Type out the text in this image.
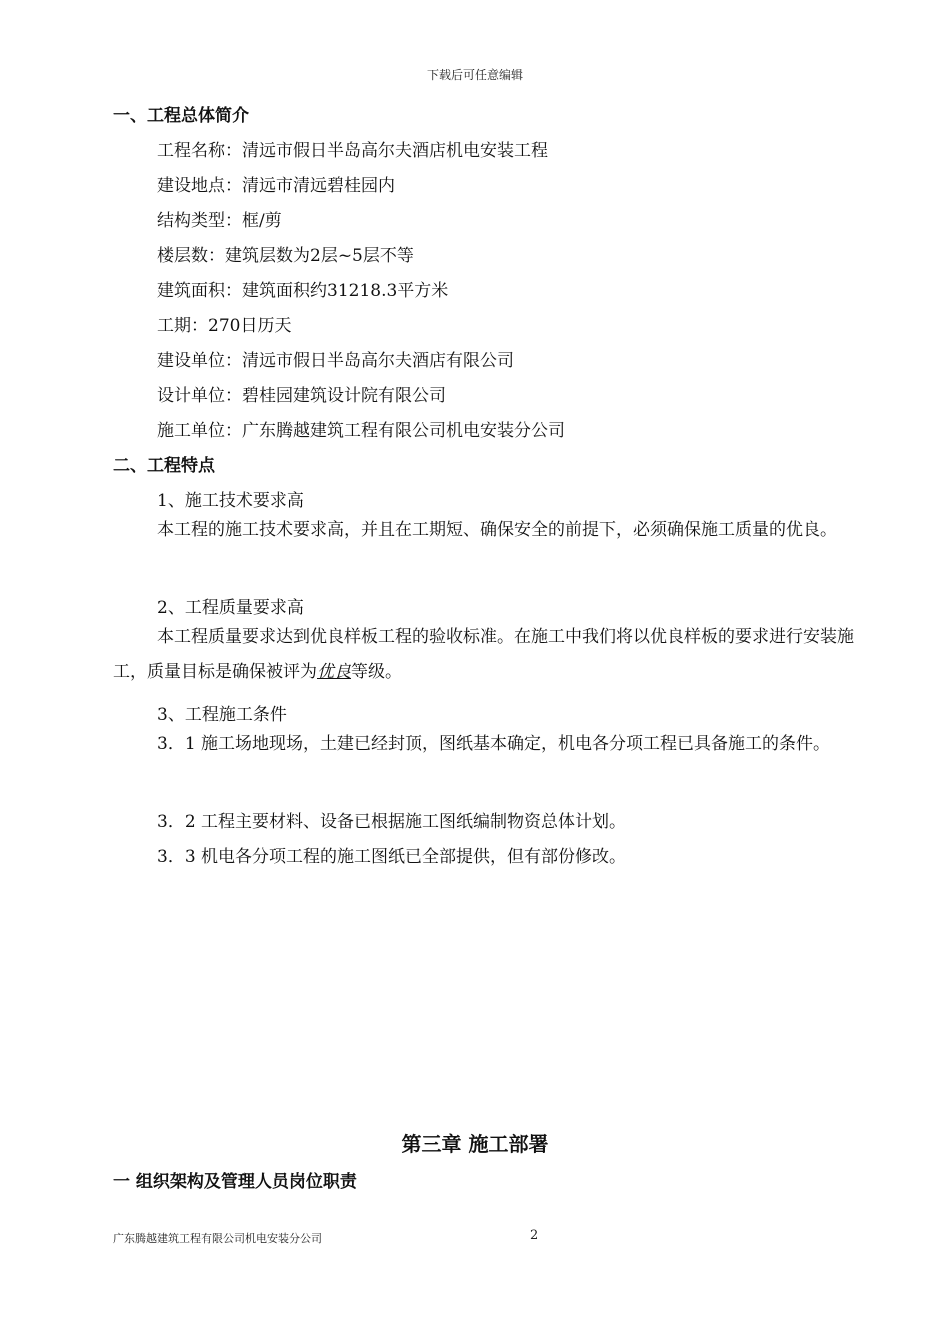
下载后可任意编辑
一、工程总体简介
工程名称：清远市假日半岛高尔夫酒店机电安装工程
建设地点：清远市清远碧桂园内
结构类型：框/剪
楼层数：建筑层数为2层~5层不等
建筑面积：建筑面积约31218.3平方米
工期：270日历天
建设单位：清远市假日半岛高尔夫酒店有限公司
设计单位：碧桂园建筑设计院有限公司
施工单位：广东腾越建筑工程有限公司机电安装分公司
二、工程特点
1、施工技术要求高
本工程的施工技术要求高，并且在工期短、确保安全的前提下，必须确保施工质量的优良。
2、工程质量要求高
本工程质量要求达到优良样板工程的验收标准。在施工中我们将以优良样板的要求进行安装施工，质量目标是确保被评为优良等级。
3、工程施工条件
3．1 施工场地现场，土建已经封顶，图纸基本确定，机电各分项工程已具备施工的条件。
3．2 工程主要材料、设备已根据施工图纸编制物资总体计划。
3．3 机电各分项工程的施工图纸已全部提供，但有部份修改。
第三章 施工部署
一 组织架构及管理人员岗位职责
广东腾越建筑工程有限公司机电安装分公司	2
